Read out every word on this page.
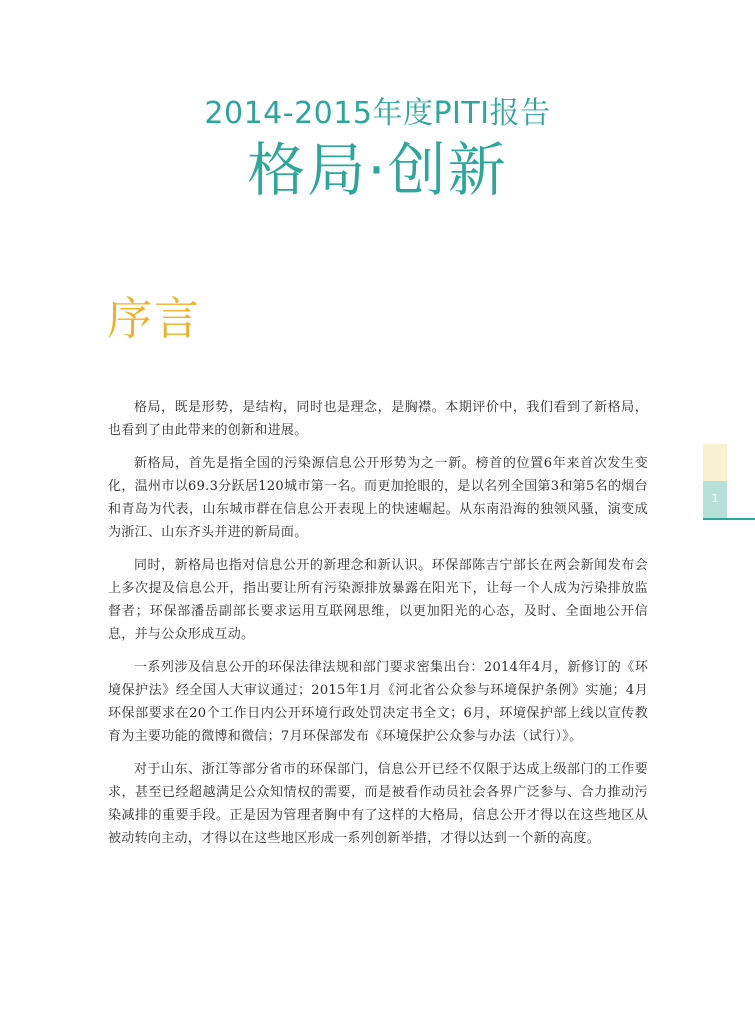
2014-2015年度PITI报告
格局·创新
序言

格局，既是形势，是结构，同时也是理念，是胸襟。本期评价中，我们看到了新格局，也看到了由此带来的创新和进展。

新格局，首先是指全国的污染源信息公开形势为之一新。榜首的位置6年来首次发生变化，温州市以69.3分跃居120城市第一名。而更加抢眼的，是以名列全国第3和第5名的烟台和青岛为代表，山东城市群在信息公开表现上的快速崛起。从东南沿海的独领风骚，演变成为浙江、山东齐头并进的新局面。

同时，新格局也指对信息公开的新理念和新认识。环保部陈吉宁部长在两会新闻发布会上多次提及信息公开，指出要让所有污染源排放暴露在阳光下，让每一个人成为污染排放监督者；环保部潘岳副部长要求运用互联网思维，以更加阳光的心态，及时、全面地公开信息，并与公众形成互动。

一系列涉及信息公开的环保法律法规和部门要求密集出台：2014年4月，新修订的《环境保护法》经全国人大审议通过；2015年1月《河北省公众参与环境保护条例》实施；4月环保部要求在20个工作日内公开环境行政处罚决定书全文；6月，环境保护部上线以宣传教育为主要功能的微博和微信；7月环保部发布《环境保护公众参与办法（试行）》。

对于山东、浙江等部分省市的环保部门，信息公开已经不仅限于达成上级部门的工作要求，甚至已经超越满足公众知情权的需要，而是被看作动员社会各界广泛参与、合力推动污染减排的重要手段。正是因为管理者胸中有了这样的大格局，信息公开才得以在这些地区从被动转向主动，才得以在这些地区形成一系列创新举措，才得以达到一个新的高度。

1
